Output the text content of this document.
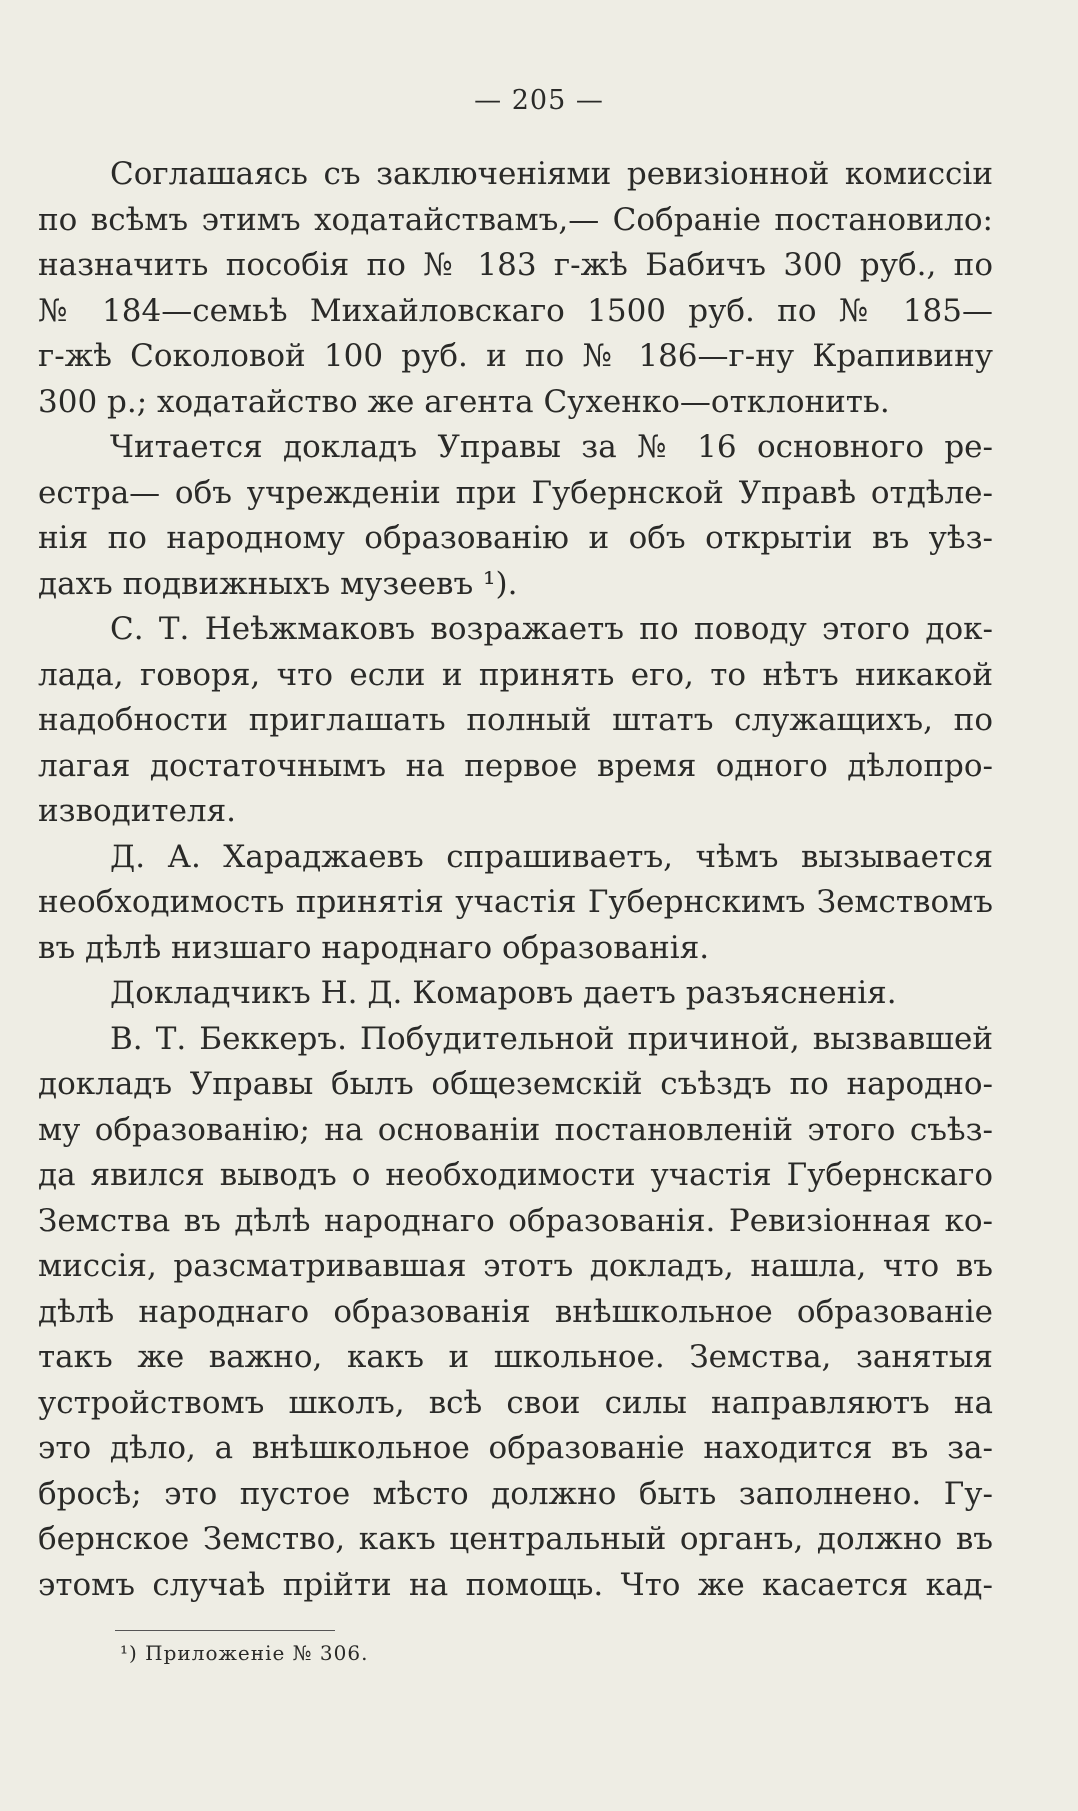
— 205 —
Соглашаясь съ заключеніями ревизіонной комиссіи
по всѣмъ этимъ ходатайствамъ,— Собраніе постановило:
назначить пособія по № 183 г-жѣ Бабичъ 300 руб., по
№ 184—семьѣ Михайловскаго 1500 руб. по № 185—
г-жѣ Соколовой 100 руб. и по № 186—г-ну Крапивину
300 р.; ходатайство же агента Сухенко—отклонить.
Читается докладъ Управы за № 16 основного ре-
естра— объ учрежденіи при Губернской Управѣ отдѣле-
нія по народному образованію и объ открытіи въ уѣз-
дахъ подвижныхъ музеевъ ¹).
С. Т. Неѣжмаковъ возражаетъ по поводу этого док-
лада, говоря, что если и принять его, то нѣтъ никакой
надобности приглашать полный штатъ служащихъ, по
лагая достаточнымъ на первое время одного дѣлопро-
изводителя.
Д. А. Хараджаевъ спрашиваетъ, чѣмъ вызывается
необходимость принятія участія Губернскимъ Земствомъ
въ дѣлѣ низшаго народнаго образованія.
Докладчикъ Н. Д. Комаровъ даетъ разъясненія.
В. Т. Беккеръ. Побудительной причиной, вызвавшей
докладъ Управы былъ общеземскій съѣздъ по народно-
му образованію; на основаніи постановленій этого съѣз-
да явился выводъ о необходимости участія Губернскаго
Земства въ дѣлѣ народнаго образованія. Ревизіонная ко-
миссія, разсматривавшая этотъ докладъ, нашла, что въ
дѣлѣ народнаго образованія внѣшкольное образованіе
такъ же важно, какъ и школьное. Земства, занятыя
устройствомъ школъ, всѣ свои силы направляютъ на
это дѣло, а внѣшкольное образованіе находится въ за-
бросѣ; это пустое мѣсто должно быть заполнено. Гу-
бернское Земство, какъ центральный органъ, должно въ
этомъ случаѣ прійти на помощь. Что же касается кад-
¹) Приложеніе № 306.
